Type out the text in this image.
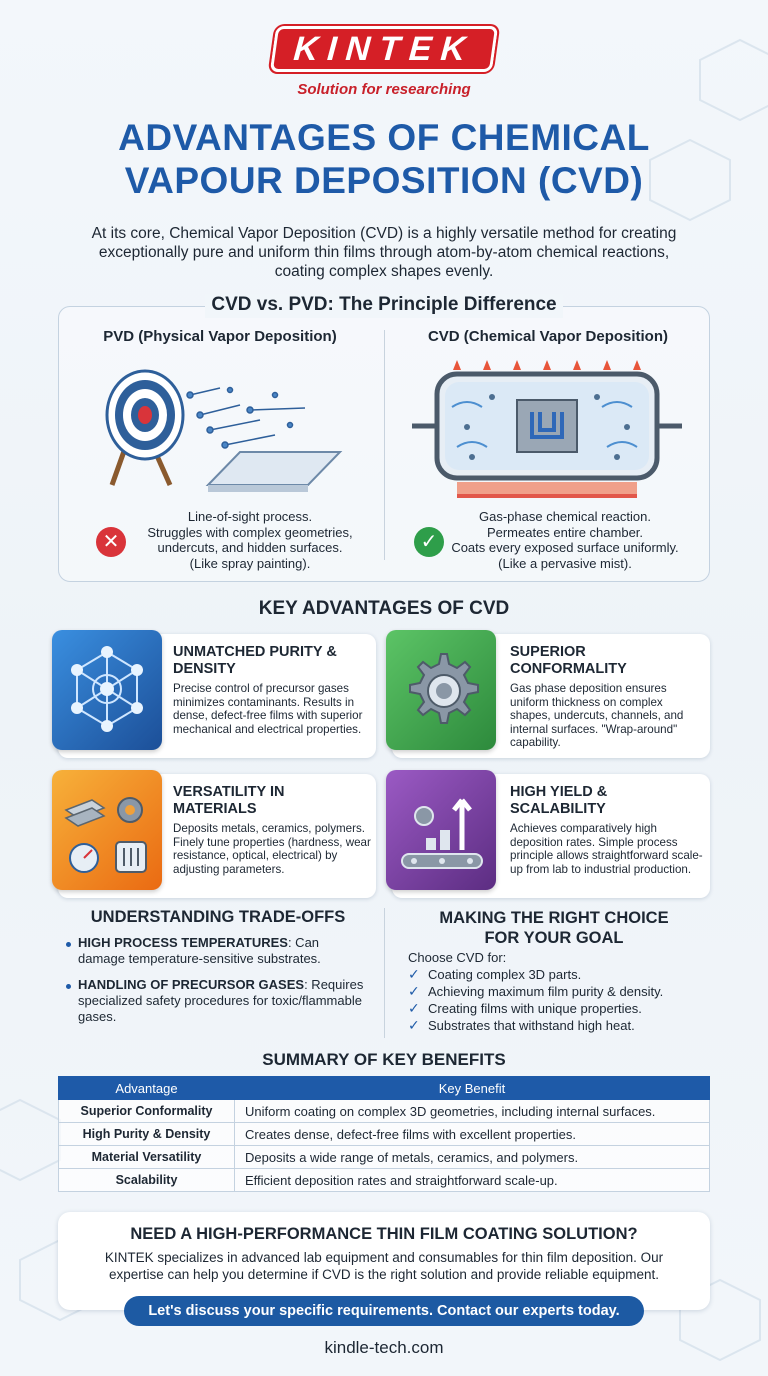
KINTEK
Solution for researching
ADVANTAGES OF CHEMICAL VAPOUR DEPOSITION (CVD)
At its core, Chemical Vapor Deposition (CVD) is a highly versatile method for creating exceptionally pure and uniform thin films through atom-by-atom chemical reactions, coating complex shapes evenly.
CVD vs. PVD: The Principle Difference
PVD (Physical Vapor Deposition)	CVD (Chemical Vapor Deposition)
✕	✓
Line-of-sight process.
Struggles with complex geometries,
undercuts, and hidden surfaces.
(Like spray painting).
Gas-phase chemical reaction.
Permeates entire chamber.
Coats every exposed surface uniformly.
(Like a pervasive mist).
KEY ADVANTAGES OF CVD
UNMATCHED PURITY & DENSITY
Precise control of precursor gases minimizes contaminants. Results in dense, defect-free films with superior mechanical and electrical properties.
SUPERIOR CONFORMALITY
Gas phase deposition ensures uniform thickness on complex shapes, undercuts, channels, and internal surfaces. "Wrap-around" capability.
VERSATILITY IN MATERIALS
Deposits metals, ceramics, polymers. Finely tune properties (hardness, wear resistance, optical, electrical) by adjusting parameters.
HIGH YIELD & SCALABILITY
Achieves comparatively high deposition rates. Simple process principle allows straightforward scale-up from lab to industrial production.
UNDERSTANDING TRADE-OFFS
HIGH PROCESS TEMPERATURES: Can damage temperature-sensitive substrates.
HANDLING OF PRECURSOR GASES: Requires specialized safety procedures for toxic/flammable gases.
MAKING THE RIGHT CHOICE
FOR YOUR GOAL
Choose CVD for:
✓ Coating complex 3D parts.
✓ Achieving maximum film purity & density.
✓ Creating films with unique properties.
✓ Substrates that withstand high heat.
SUMMARY OF KEY BENEFITS
Advantage	Key Benefit
Superior Conformality	Uniform coating on complex 3D geometries, including internal surfaces.
High Purity & Density	Creates dense, defect-free films with excellent properties.
Material Versatility	Deposits a wide range of metals, ceramics, and polymers.
Scalability	Efficient deposition rates and straightforward scale-up.
NEED A HIGH-PERFORMANCE THIN FILM COATING SOLUTION?
KINTEK specializes in advanced lab equipment and consumables for thin film deposition. Our expertise can help you determine if CVD is the right solution and provide reliable equipment.
Let's discuss your specific requirements. Contact our experts today.
kindle-tech.com
